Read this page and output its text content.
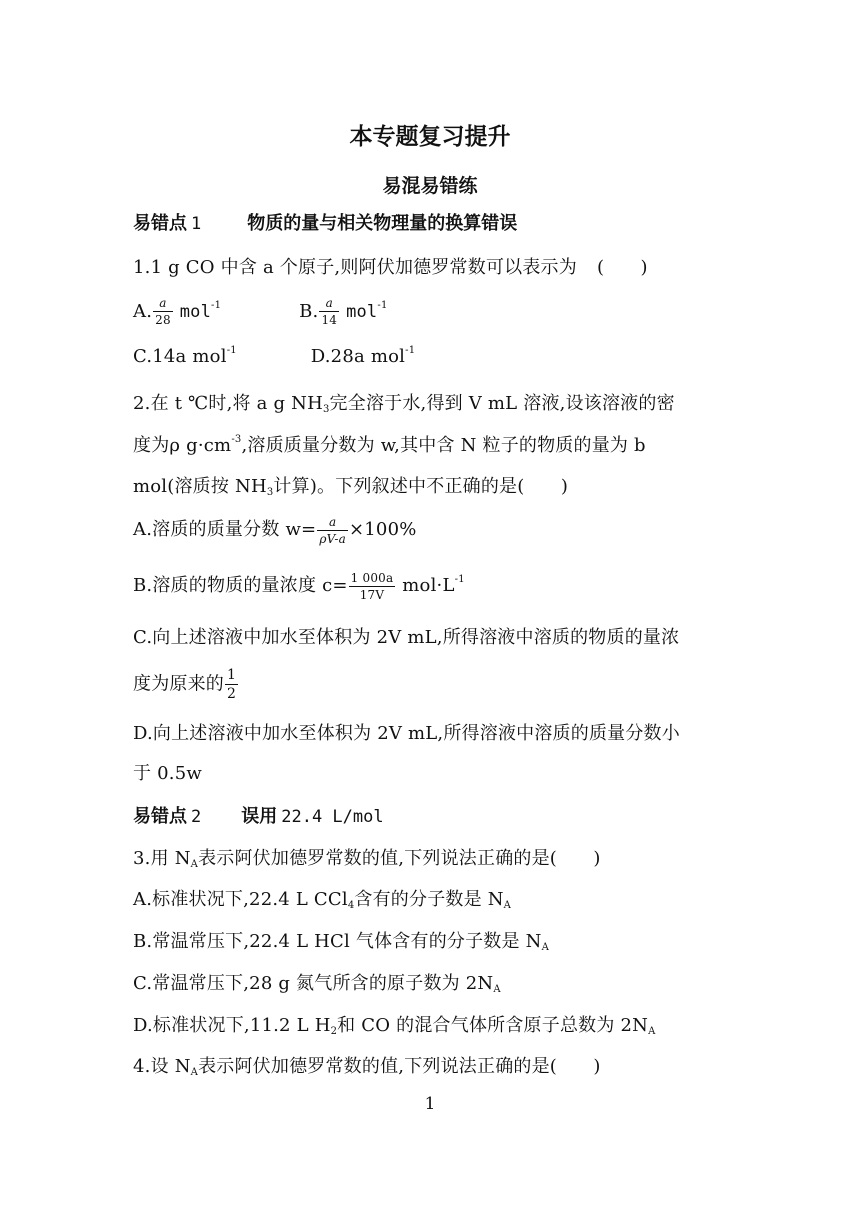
本专题复习提升
易混易错练
易错点 1	物质的量与相关物理量的换算错误
1.1 g CO 中含 a 个原子,则阿伏加德罗常数可以表示为 (　　)
A. $\frac{a}{28} mol^{-1}$	B. $\frac{a}{14} mol^{-1}$
C.14a mol$^{-1}$	D.28a mol$^{-1}$
2.在 t ℃时,将 a g $NH_3$完全溶于水,得到 V mL 溶液,设该溶液的密
度为ρ $g\cdot cm^{-3}$,溶质质量分数为 w,其中含 N 粒子的物质的量为 b
mol(溶质按 $NH_3$计算)。下列叙述中不正确的是(　　)
A.溶质的质量分数 $w= \frac{a}{\rho V-a} \times 100\%$
B.溶质的物质的量浓度 $c= \frac{1 000a}{17V} mol\cdot L^{-1}$
C.向上述溶液中加水至体积为 2V mL,所得溶液中溶质的物质的量浓
度为原来的 $\frac{1}{2}$
D.向上述溶液中加水至体积为 2V mL,所得溶液中溶质的质量分数小
于 0.5w
易错点 2 误用 22.4 L/mol
3.用 $N_A$表示阿伏加德罗常数的值,下列说法正确的是(　　)
A.标准状况下,22.4 L CCl$_4$含有的分子数是 $N_A$
B.常温常压下,22.4 L HCl 气体含有的分子数是 $N_A$
C.常温常压下,28 g 氮气所含的原子数为 $2N_A$
D.标准状况下,11.2 L $H_2$和 CO 的混合气体所含原子总数为 $2N_A$
4.设 $N_A$表示阿伏加德罗常数的值,下列说法正确的是(　　)
1
